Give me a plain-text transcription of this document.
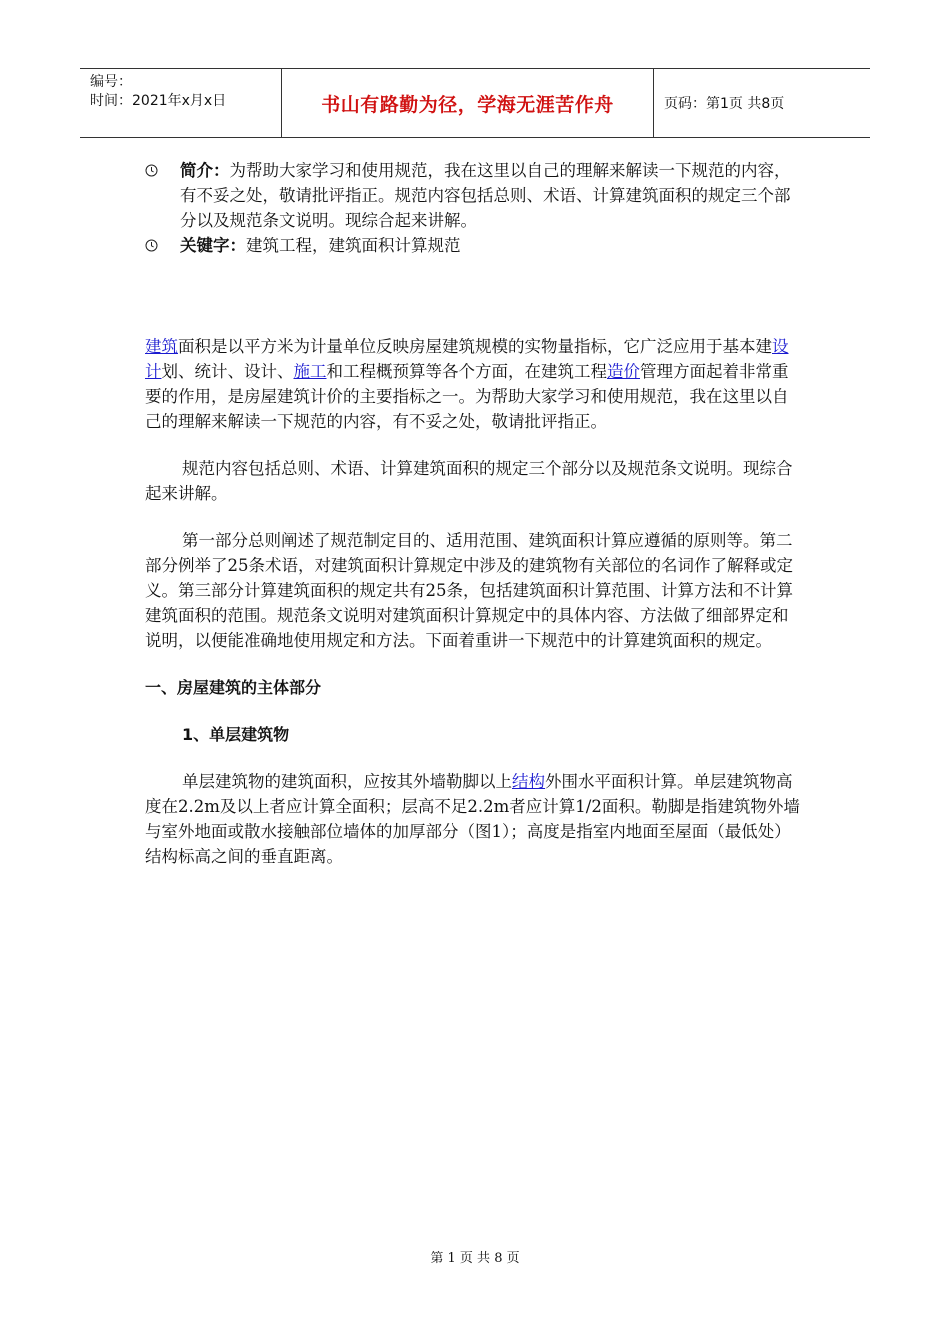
编号：
时间：2021年x月x日	书山有路勤为径，学海无涯苦作舟	页码：第1页 共8页
简介：为帮助大家学习和使用规范，我在这里以自己的理解来解读一下规范的内容，有不妥之处，敬请批评指正。规范内容包括总则、术语、计算建筑面积的规定三个部分以及规范条文说明。现综合起来讲解。
关键字：建筑工程，建筑面积计算规范

建筑面积是以平方米为计量单位反映房屋建筑规模的实物量指标，它广泛应用于基本建设计划、统计、设计、施工和工程概预算等各个方面，在建筑工程造价管理方面起着非常重要的作用，是房屋建筑计价的主要指标之一。为帮助大家学习和使用规范，我在这里以自己的理解来解读一下规范的内容，有不妥之处，敬请批评指正。

规范内容包括总则、术语、计算建筑面积的规定三个部分以及规范条文说明。现综合起来讲解。

第一部分总则阐述了规范制定目的、适用范围、建筑面积计算应遵循的原则等。第二部分例举了25条术语，对建筑面积计算规定中涉及的建筑物有关部位的名词作了解释或定义。第三部分计算建筑面积的规定共有25条，包括建筑面积计算范围、计算方法和不计算建筑面积的范围。规范条文说明对建筑面积计算规定中的具体内容、方法做了细部界定和说明，以便能准确地使用规定和方法。下面着重讲一下规范中的计算建筑面积的规定。

一、房屋建筑的主体部分
1、单层建筑物

单层建筑物的建筑面积，应按其外墙勒脚以上结构外围水平面积计算。单层建筑物高度在2.2m及以上者应计算全面积；层高不足2.2m者应计算1/2面积。勒脚是指建筑物外墙与室外地面或散水接触部位墙体的加厚部分（图1）；高度是指室内地面至屋面（最低处）结构标高之间的垂直距离。

第 1 页 共 8 页
